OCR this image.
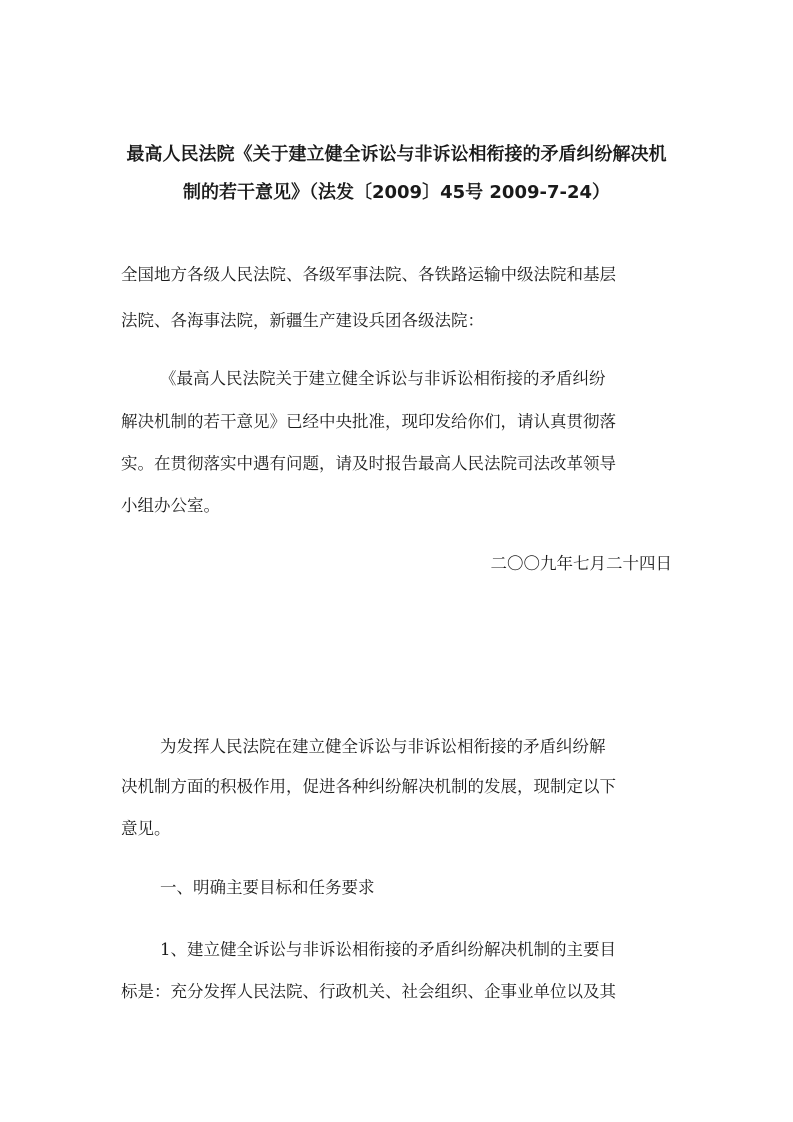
最高人民法院《关于建立健全诉讼与非诉讼相衔接的矛盾纠纷解决机
制的若干意见》（法发〔2009〕45号 2009-7-24）
全国地方各级人民法院、各级军事法院、各铁路运输中级法院和基层
法院、各海事法院，新疆生产建设兵团各级法院：
《最高人民法院关于建立健全诉讼与非诉讼相衔接的矛盾纠纷
解决机制的若干意见》已经中央批准，现印发给你们，请认真贯彻落
实。在贯彻落实中遇有问题，请及时报告最高人民法院司法改革领导
小组办公室。
二〇〇九年七月二十四日
为发挥人民法院在建立健全诉讼与非诉讼相衔接的矛盾纠纷解
决机制方面的积极作用，促进各种纠纷解决机制的发展，现制定以下
意见。
一、明确主要目标和任务要求
1、建立健全诉讼与非诉讼相衔接的矛盾纠纷解决机制的主要目
标是：充分发挥人民法院、行政机关、社会组织、企事业单位以及其
